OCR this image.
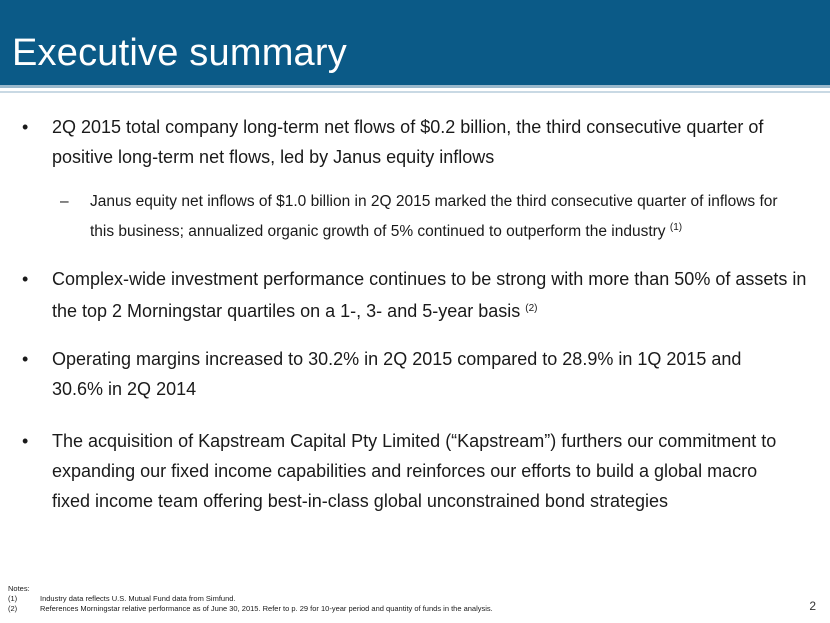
Executive summary
• 2Q 2015 total company long-term net flows of $0.2 billion, the third consecutive quarter of positive long-term net flows, led by Janus equity inflows
– Janus equity net inflows of $1.0 billion in 2Q 2015 marked the third consecutive quarter of inflows for this business; annualized organic growth of 5% continued to outperform the industry $^{(1)}$
• Complex-wide investment performance continues to be strong with more than 50% of assets in the top 2 Morningstar quartiles on a 1-, 3- and 5-year basis $^{(2)}$
• Operating margins increased to 30.2% in 2Q 2015 compared to 28.9% in 1Q 2015 and 30.6% in 2Q 2014
• The acquisition of Kapstream Capital Pty Limited (“Kapstream”) furthers our commitment to expanding our fixed income capabilities and reinforces our efforts to build a global macro fixed income team offering best-in-class global unconstrained bond strategies
Notes:
(1)	Industry data reflects U.S. Mutual Fund data from Simfund.
(2)	References Morningstar relative performance as of June 30, 2015. Refer to p. 29 for 10-year period and quantity of funds in the analysis.	2
